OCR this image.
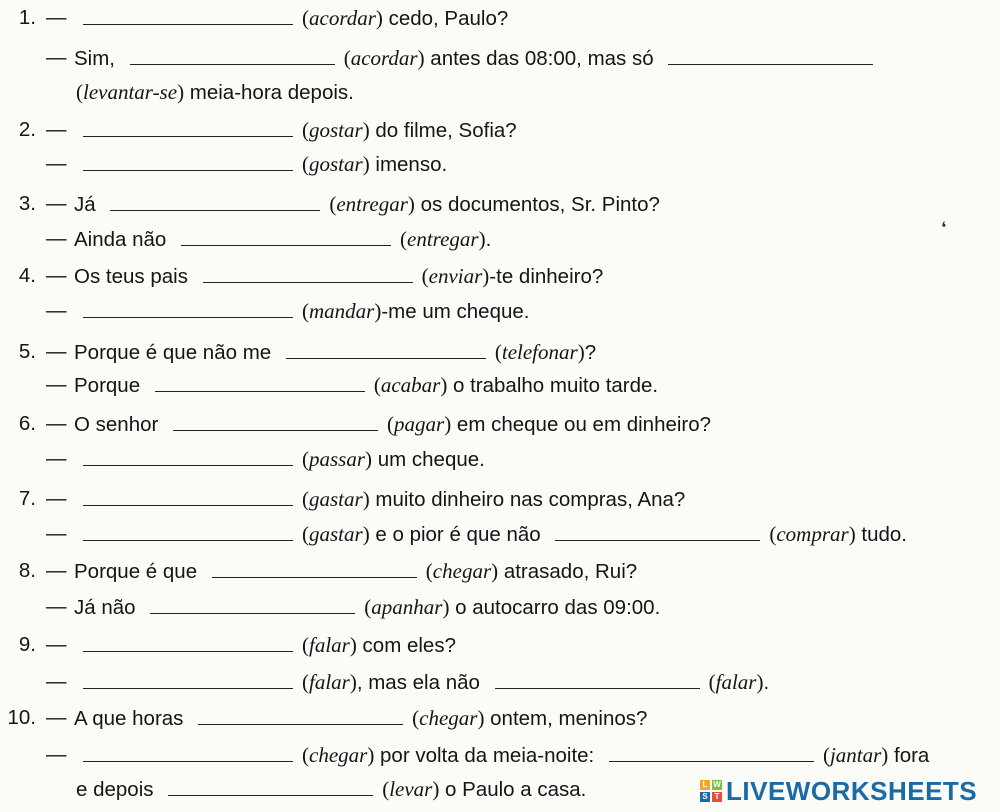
1. —	(acordar) cedo, Paulo?
— Sim,	(acordar) antes das 08:00, mas só
(levantar-se) meia-hora depois.
2. —	(gostar) do filme, Sofia?
—	(gostar) imenso.
3. — Já	(entregar) os documentos, Sr. Pinto?
— Ainda não	(entregar).
4. — Os teus pais	(enviar)-te dinheiro?
—	(mandar)-me um cheque.
5. — Porque é que não me	(telefonar)?
— Porque	(acabar) o trabalho muito tarde.
6. — O senhor	(pagar) em cheque ou em dinheiro?
—	(passar) um cheque.
7. —	(gastar) muito dinheiro nas compras, Ana?
—	(gastar) e o pior é que não	(comprar) tudo.
8. — Porque é que	(chegar) atrasado, Rui?
— Já não	(apanhar) o autocarro das 09:00.
9. —	(falar) com eles?
—	(falar), mas ela não	(falar).
10. — A que horas	(chegar) ontem, meninos?
—	(chegar) por volta da meia-noite:	(jantar) fora
e depois	(levar) o Paulo a casa.
❛
L W
S T LIVEWORKSHEETS
